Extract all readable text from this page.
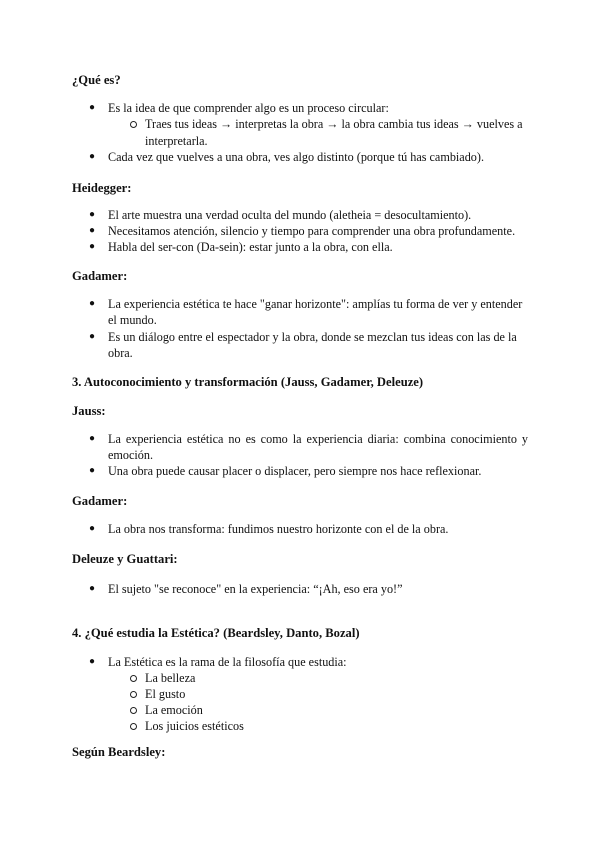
¿Qué es?
● Es la idea de que comprender algo es un proceso circular:
Traes tus ideas → interpretas la obra → la obra cambia tus ideas → vuelves a
interpretarla.
● Cada vez que vuelves a una obra, ves algo distinto (porque tú has cambiado).
Heidegger:
● El arte muestra una verdad oculta del mundo (aletheia = desocultamiento).
● Necesitamos atención, silencio y tiempo para comprender una obra profundamente.
● Habla del ser-con (Da-sein): estar junto a la obra, con ella.
Gadamer:
● La experiencia estética te hace "ganar horizonte": amplías tu forma de ver y entender
el mundo.
● Es un diálogo entre el espectador y la obra, donde se mezclan tus ideas con las de la
obra.
3. Autoconocimiento y transformación (Jauss, Gadamer, Deleuze)
Jauss:
● La experiencia estética no es como la experiencia diaria: combina conocimiento y
emoción.
● Una obra puede causar placer o displacer, pero siempre nos hace reflexionar.
Gadamer:
● La obra nos transforma: fundimos nuestro horizonte con el de la obra.
Deleuze y Guattari:
● El sujeto "se reconoce" en la experiencia: “¡Ah, eso era yo!”
4. ¿Qué estudia la Estética? (Beardsley, Danto, Bozal)
● La Estética es la rama de la filosofía que estudia:
La belleza
El gusto
La emoción
Los juicios estéticos
Según Beardsley:
